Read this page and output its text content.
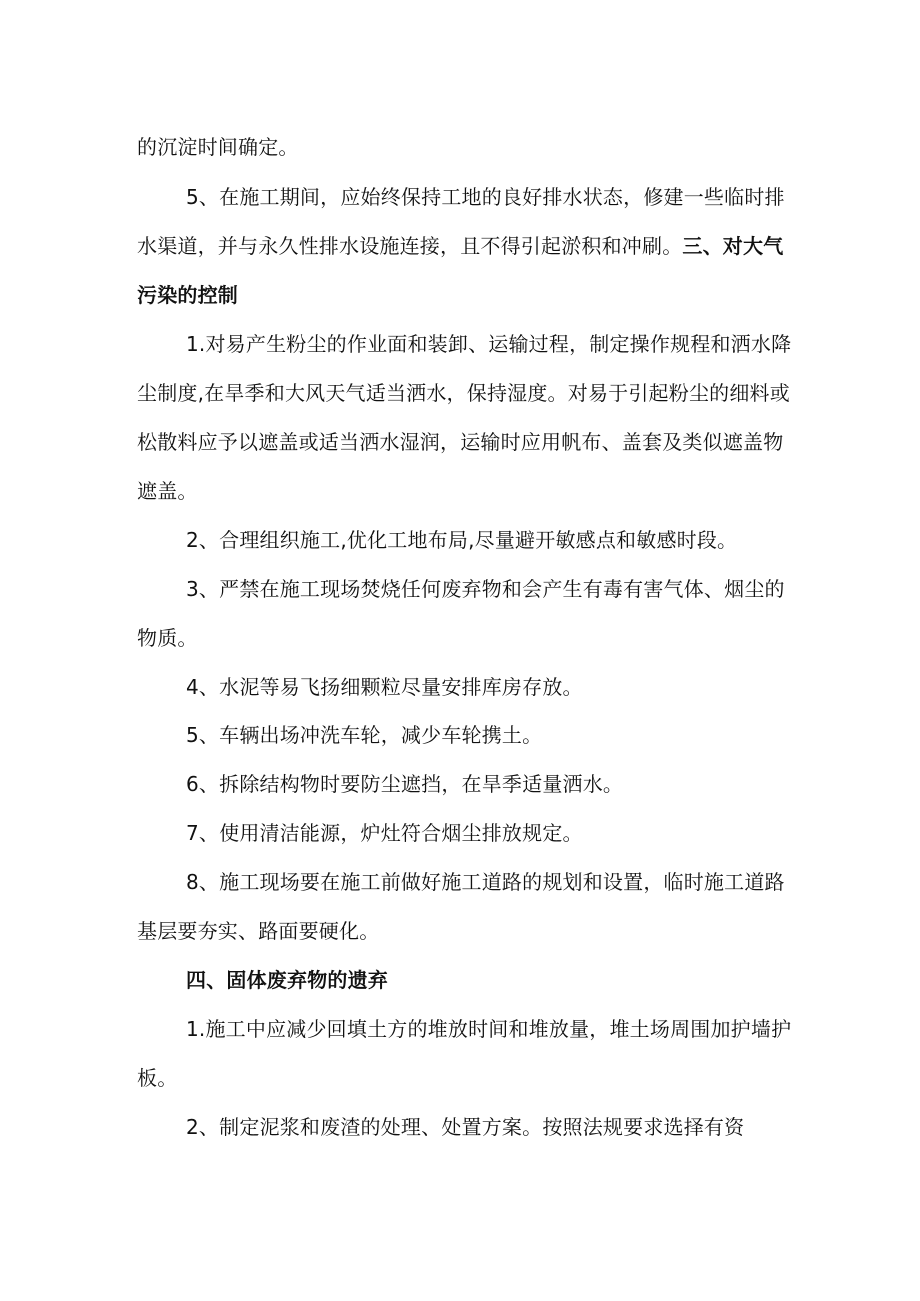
的沉淀时间确定。
5、在施工期间，应始终保持工地的良好排水状态，修建一些临时排
水渠道，并与永久性排水设施连接，且不得引起淤积和冲刷。三、对大气
污染的控制
1.对易产生粉尘的作业面和装卸、运输过程，制定操作规程和洒水降
尘制度,在旱季和大风天气适当洒水，保持湿度。对易于引起粉尘的细料或
松散料应予以遮盖或适当洒水湿润，运输时应用帆布、盖套及类似遮盖物
遮盖。
2、合理组织施工,优化工地布局,尽量避开敏感点和敏感时段。
3、严禁在施工现场焚烧任何废弃物和会产生有毒有害气体、烟尘的
物质。
4、水泥等易飞扬细颗粒尽量安排库房存放。
5、车辆出场冲洗车轮，减少车轮携土。
6、拆除结构物时要防尘遮挡，在旱季适量洒水。
7、使用清洁能源，炉灶符合烟尘排放规定。
8、施工现场要在施工前做好施工道路的规划和设置，临时施工道路
基层要夯实、路面要硬化。
四、固体废弃物的遗弃
1.施工中应减少回填土方的堆放时间和堆放量，堆土场周围加护墙护
板。
2、制定泥浆和废渣的处理、处置方案。按照法规要求选择有资
